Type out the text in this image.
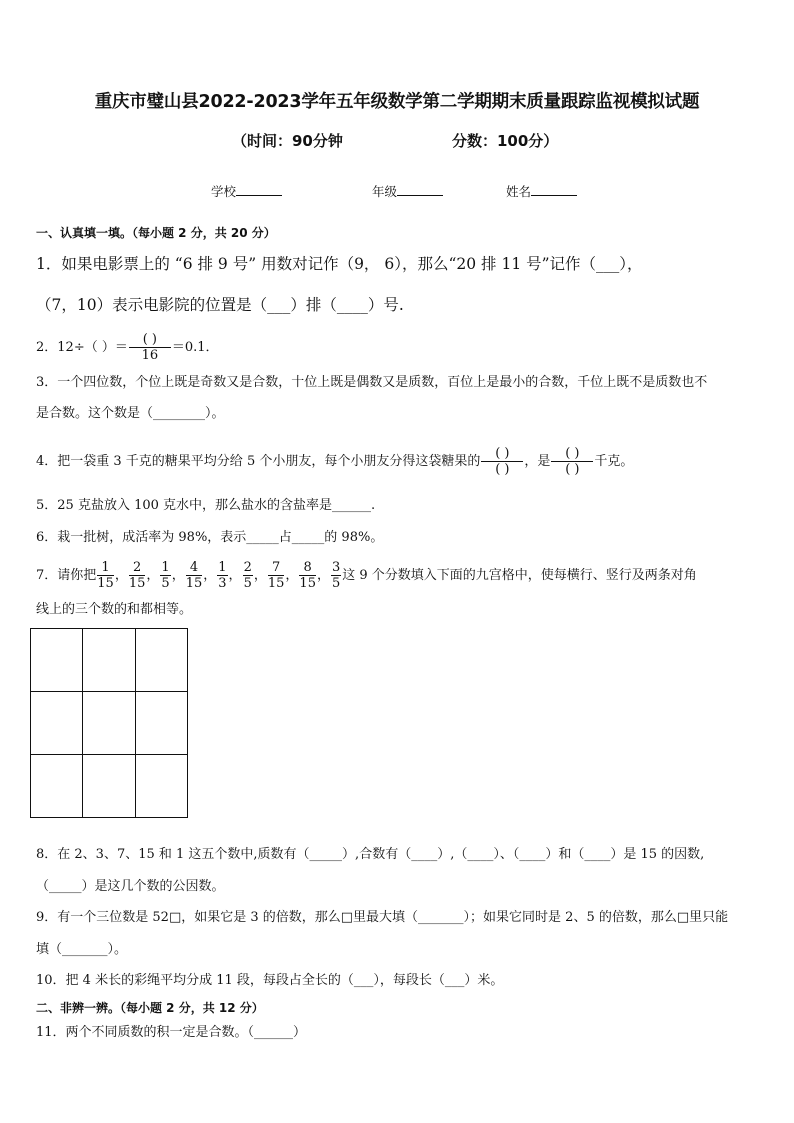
重庆市璧山县2022-2023学年五年级数学第二学期期末质量跟踪监视模拟试题
（时间：90分钟	分数：100分）
学校	年级	姓名
一、认真填一填。（每小题 2 分，共 20 分）
1．如果电影票上的 “6 排 9 号” 用数对记作（9， 6），那么“20 排 11 号”记作（___），
（7，10）表示电影院的位置是（___）排（____）号.
2．12÷（ ）＝ $\frac{( )}{16} =0.1$．
3．一个四位数，个位上既是奇数又是合数，十位上既是偶数又是质数，百位上是最小的合数，千位上既不是质数也不
是合数。这个数是（________）。
4．把一袋重 3 千克的糖果平均分给 5 个小朋友，每个小朋友分得这袋糖果的 $\frac{( )}{( )}$ ，是 $\frac{( )}{( )}$ 千克。
5．25 克盐放入 100 克水中，那么盐水的含盐率是______.
6．栽一批树，成活率为 98%，表示_____占_____的 98%。
7．请你把 $\frac{1}{15}$ ， $\frac{2}{15}$ ， $\frac{1}{5}$ ， $\frac{4}{15}$ ， $\frac{1}{3}$ ， $\frac{2}{5}$ ， $\frac{7}{15}$ ， $\frac{8}{15}$ ， $\frac{3}{5}$ 这 9 个分数填入下面的九宫格中，使每横行、竖行及两条对角
线上的三个数的和都相等。

8．在 2、3、7、15 和 1 这五个数中,质数有（_____）,合数有（____）,（____）、（____）和（____）是 15 的因数,
（_____）是这几个数的公因数。
9．有一个三位数是 52□，如果它是 3 的倍数，那么□里最大填（_______）；如果它同时是 2、5 的倍数，那么□里只能
填（_______）。
10．把 4 米长的彩绳平均分成 11 段，每段占全长的（___），每段长（___）米。
二、非辨一辨。（每小题 2 分，共 12 分）
11．两个不同质数的积一定是合数。（______）
